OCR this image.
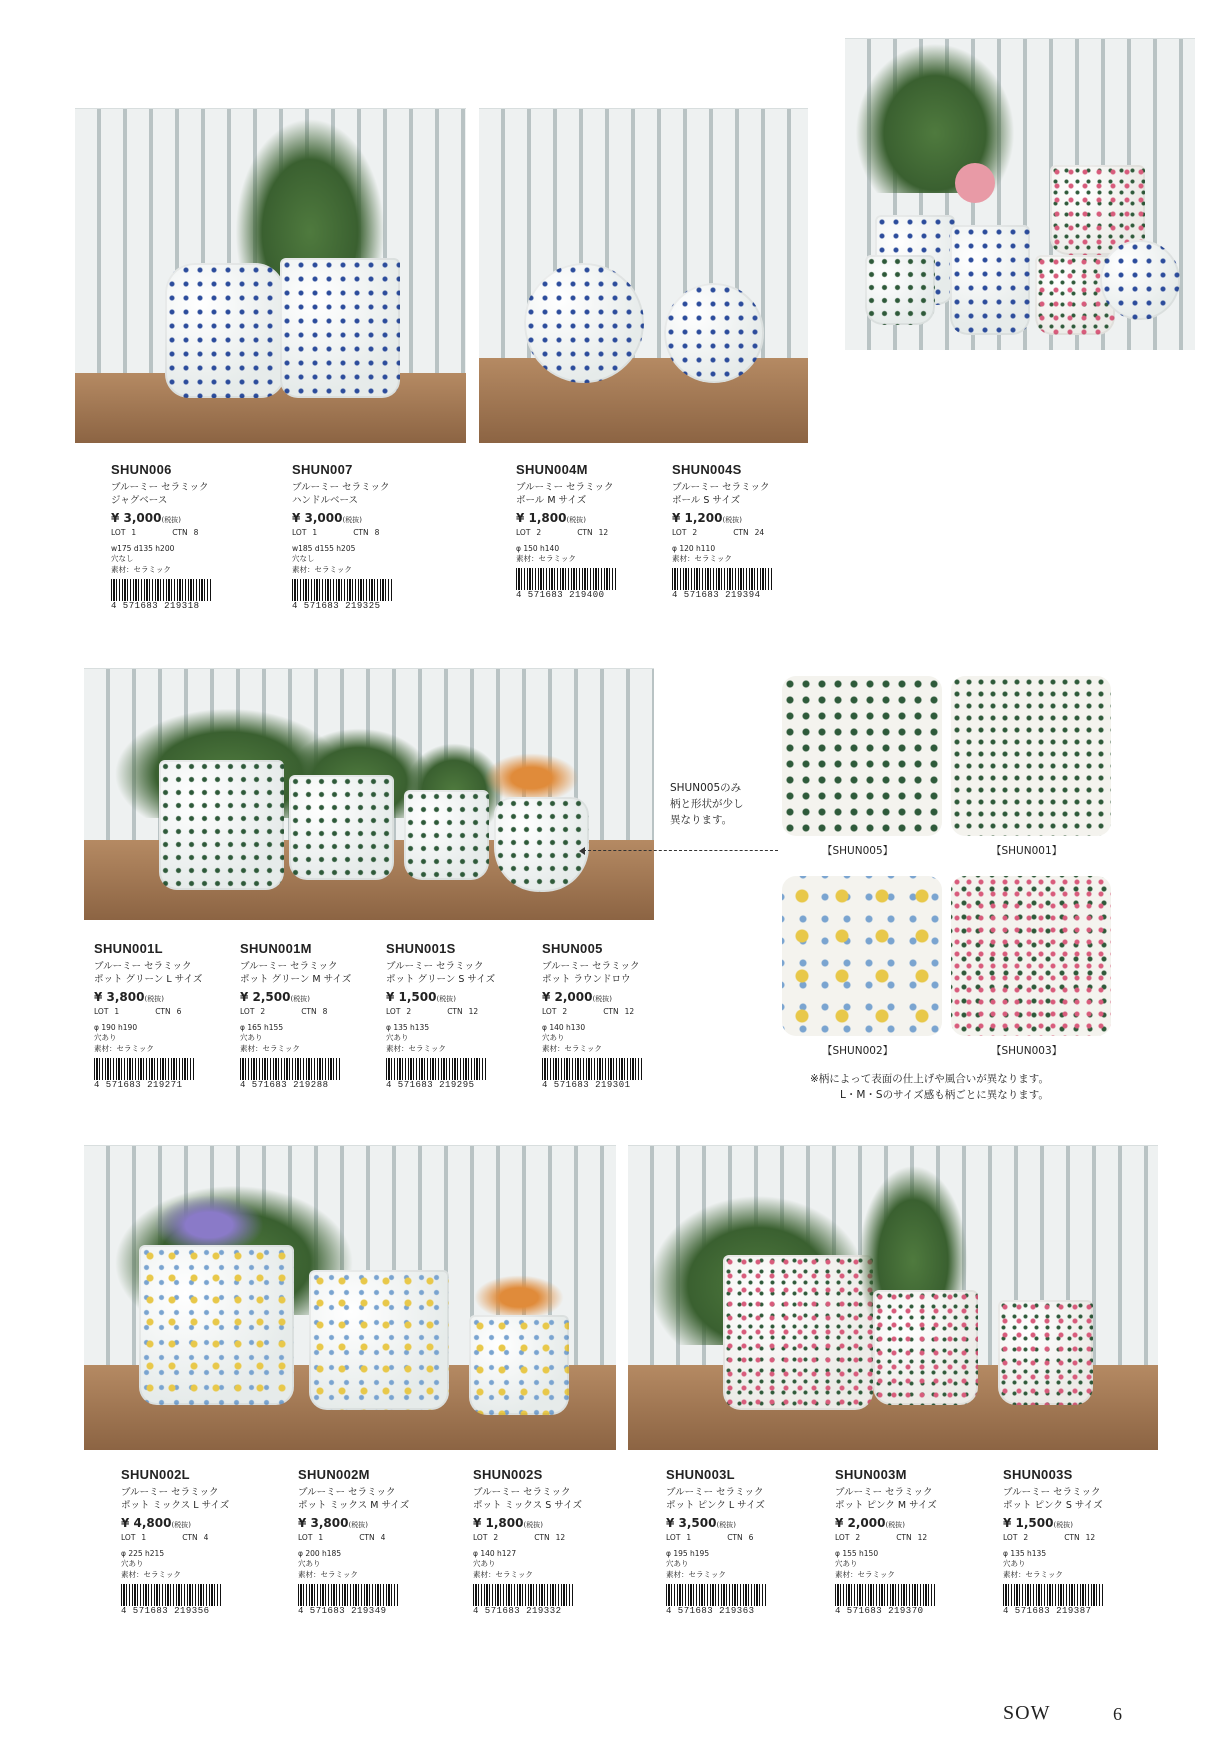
【SHUN005】	【SHUN001】
【SHUN002】	【SHUN003】
SHUN005のみ
柄と形状が少し
異なります。
※柄によって表面の仕上げや風合いが異なります。
L・M・Sのサイズ感も柄ごとに異なります。
SHUN006
ブルーミー セラミック
ジャグベース
¥ 3,000(税抜)
LOT 1	CTN 8
w175 d135 h200
穴なし
素材：セラミック
4 571683 219318
SHUN007
ブルーミー セラミック
ハンドルベース
¥ 3,000(税抜)
LOT 1	CTN 8
w185 d155 h205
穴なし
素材：セラミック
4 571683 219325
SHUN004M
ブルーミー セラミック
ボール M サイズ
¥ 1,800(税抜)
LOT 2	CTN 12
φ 150 h140
素材：セラミック
4 571683 219400
SHUN004S
ブルーミー セラミック
ボール S サイズ
¥ 1,200(税抜)
LOT 2	CTN 24
φ 120 h110
素材：セラミック
4 571683 219394
SHUN001L
ブルーミー セラミック
ポット グリーン L サイズ
¥ 3,800(税抜)
LOT 1	CTN 6
φ 190 h190
穴あり
素材：セラミック
4 571683 219271
SHUN001M
ブルーミー セラミック
ポット グリーン M サイズ
¥ 2,500(税抜)
LOT 2	CTN 8
φ 165 h155
穴あり
素材：セラミック
4 571683 219288
SHUN001S
ブルーミー セラミック
ポット グリーン S サイズ
¥ 1,500(税抜)
LOT 2	CTN 12
φ 135 h135
穴あり
素材：セラミック
4 571683 219295
SHUN005
ブルーミー セラミック
ポット ラウンドロウ
¥ 2,000(税抜)
LOT 2	CTN 12
φ 140 h130
穴あり
素材：セラミック
4 571683 219301
SHUN002L
ブルーミー セラミック
ポット ミックス L サイズ
¥ 4,800(税抜)
LOT 1	CTN 4
φ 225 h215
穴あり
素材：セラミック
4 571683 219356
SHUN002M
ブルーミー セラミック
ポット ミックス M サイズ
¥ 3,800(税抜)
LOT 1	CTN 4
φ 200 h185
穴あり
素材：セラミック
4 571683 219349
SHUN002S
ブルーミー セラミック
ポット ミックス S サイズ
¥ 1,800(税抜)
LOT 2	CTN 12
φ 140 h127
穴あり
素材：セラミック
4 571683 219332
SHUN003L
ブルーミー セラミック
ポット ピンク L サイズ
¥ 3,500(税抜)
LOT 1	CTN 6
φ 195 h195
穴あり
素材：セラミック
4 571683 219363
SHUN003M
ブルーミー セラミック
ポット ピンク M サイズ
¥ 2,000(税抜)
LOT 2	CTN 12
φ 155 h150
穴あり
素材：セラミック
4 571683 219370
SHUN003S
ブルーミー セラミック
ポット ピンク S サイズ
¥ 1,500(税抜)
LOT 2	CTN 12
φ 135 h135
穴あり
素材：セラミック
4 571683 219387
SOW	6
